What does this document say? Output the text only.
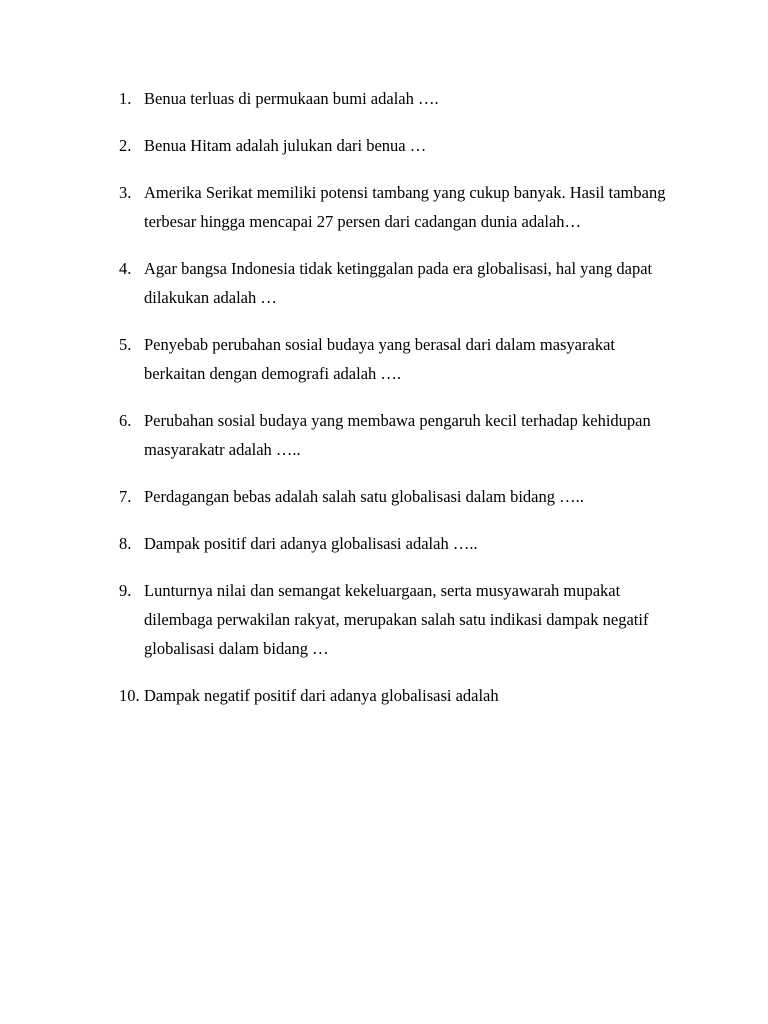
1. Benua terluas di permukaan bumi adalah ….
2. Benua Hitam adalah julukan dari benua …
3. Amerika Serikat memiliki potensi tambang yang cukup banyak. Hasil tambang terbesar hingga mencapai 27 persen dari cadangan dunia adalah…
4. Agar bangsa Indonesia tidak ketinggalan pada era globalisasi, hal yang dapat dilakukan adalah …
5. Penyebab perubahan sosial budaya yang berasal dari dalam masyarakat berkaitan dengan demografi adalah ….
6. Perubahan sosial budaya yang membawa pengaruh kecil terhadap kehidupan masyarakatr adalah …..
7. Perdagangan bebas adalah salah satu globalisasi dalam bidang …..
8. Dampak positif dari adanya globalisasi adalah …..
9. Lunturnya nilai dan semangat kekeluargaan, serta musyawarah mupakat dilembaga perwakilan rakyat, merupakan salah satu indikasi dampak negatif globalisasi dalam bidang …
10. Dampak negatif positif dari adanya globalisasi adalah
